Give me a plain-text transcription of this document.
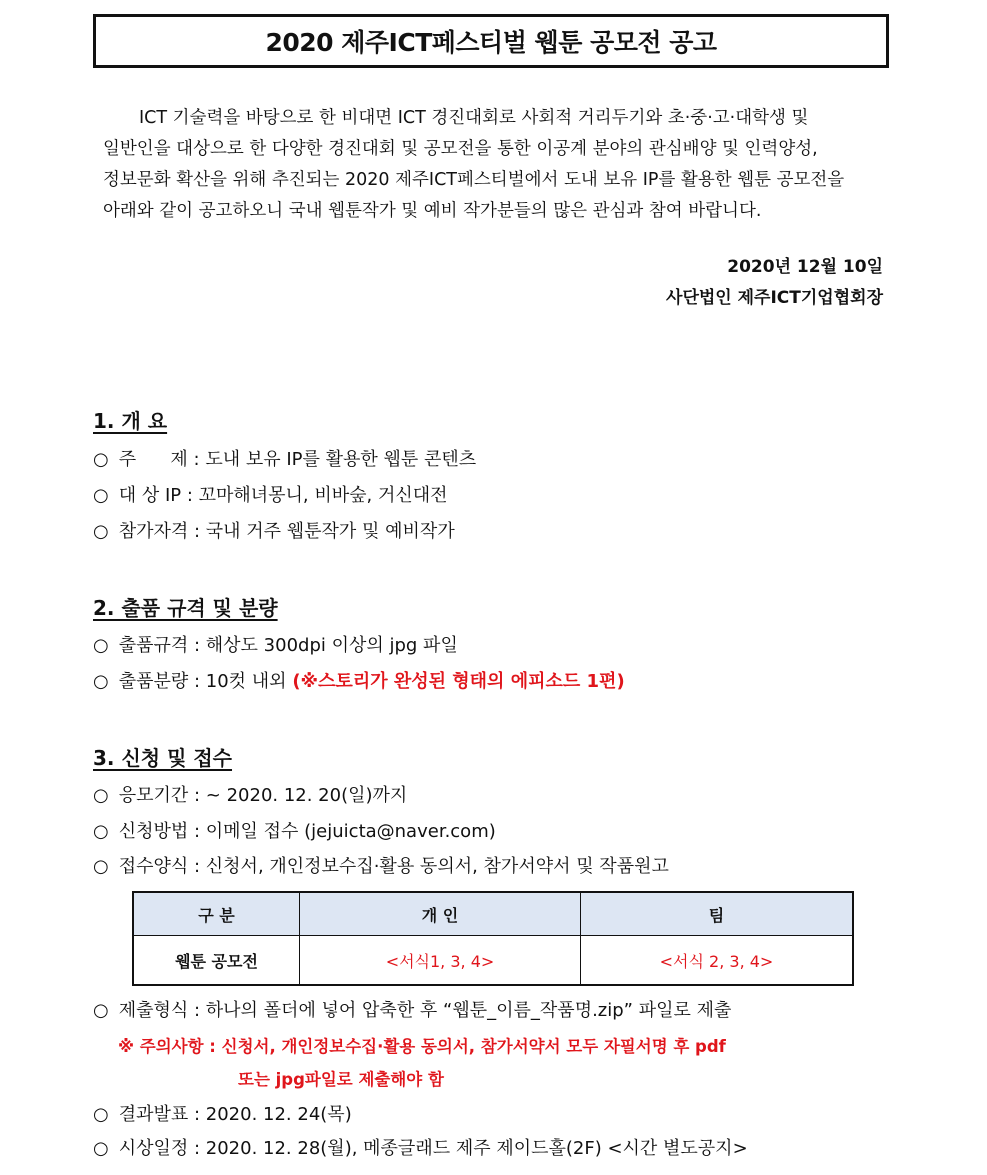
2020 제주ICT페스티벌 웹툰 공모전 공고
ICT 기술력을 바탕으로 한 비대면 ICT 경진대회로 사회적 거리두기와 초·중·고·대학생 및
일반인을 대상으로 한 다양한 경진대회 및 공모전을 통한 이공계 분야의 관심배양 및 인력양성,
정보문화 확산을 위해 추진되는 2020 제주ICT페스티벌에서 도내 보유 IP를 활용한 웹툰 공모전을
아래와 같이 공고하오니 국내 웹툰작가 및 예비 작가분들의 많은 관심과 참여 바랍니다.
2020년 12월 10일
사단법인 제주ICT기업협회장
1. 개 요
○ 주      제 : 도내 보유 IP를 활용한 웹툰 콘텐츠
○ 대 상 IP : 꼬마해녀몽니, 비바숲, 거신대전
○ 참가자격 : 국내 거주 웹툰작가 및 예비작가
2. 출품 규격 및 분량
○ 출품규격 : 해상도 300dpi 이상의 jpg 파일
○ 출품분량 : 10컷 내외 (※스토리가 완성된 형태의 에피소드 1편)
3. 신청 및 접수
○ 응모기간 : ~ 2020. 12. 20(일)까지
○ 신청방법 : 이메일 접수 (jejuicta@naver.com)
○ 접수양식 : 신청서, 개인정보수집·활용 동의서, 참가서약서 및 작품원고
구 분	개 인	팀
웹툰 공모전	<서식1, 3, 4>	<서식 2, 3, 4>
○ 제출형식 : 하나의 폴더에 넣어 압축한 후 “웹툰_이름_작품명.zip” 파일로 제출
※ 주의사항 : 신청서, 개인정보수집·활용 동의서, 참가서약서 모두 자필서명 후 pdf
또는 jpg파일로 제출해야 함
○ 결과발표 : 2020. 12. 24(목)
○ 시상일정 : 2020. 12. 28(월), 메종글래드 제주 제이드홀(2F) <시간 별도공지>
